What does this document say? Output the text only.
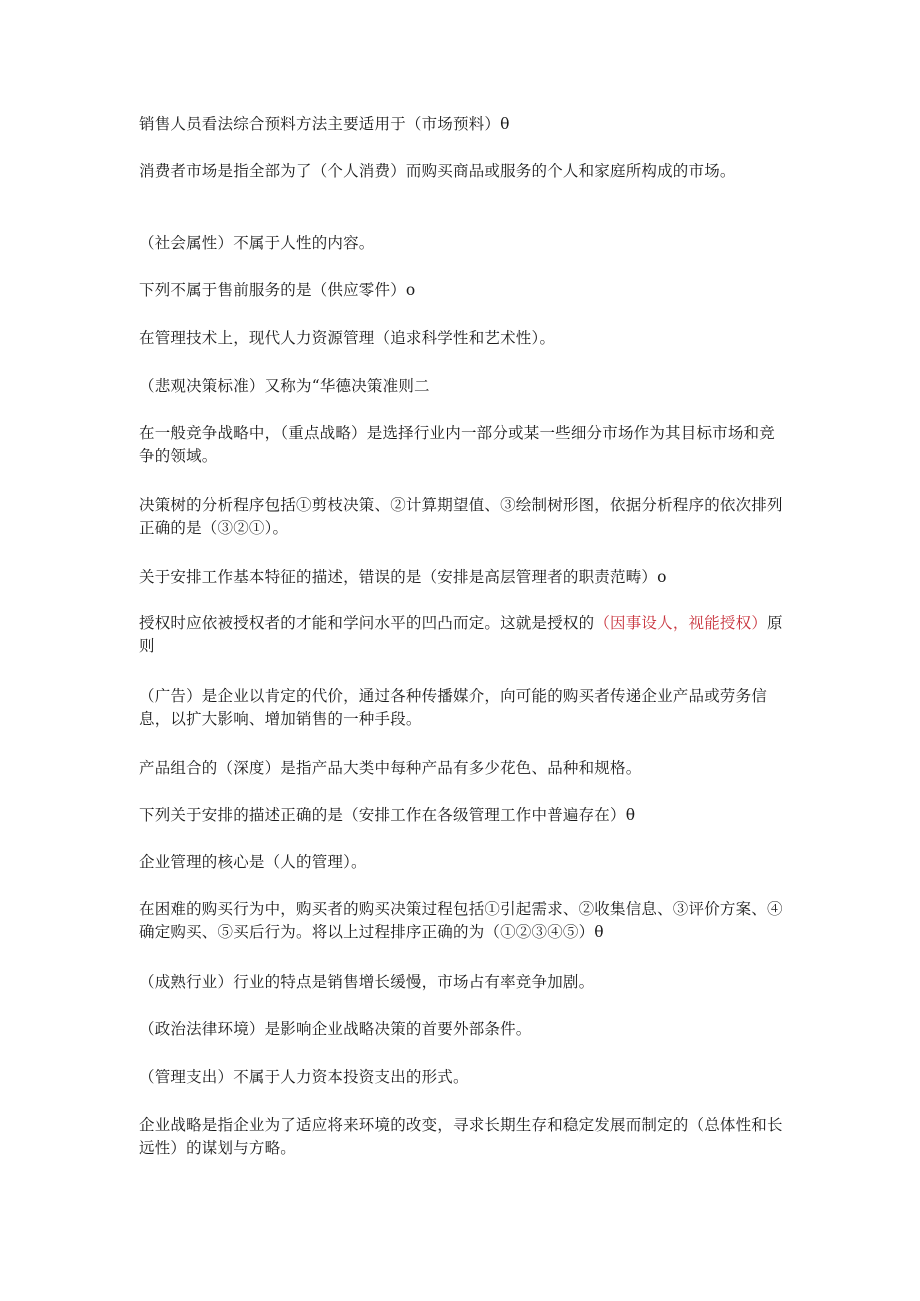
销售人员看法综合预料方法主要适用于（市场预料）θ

消费者市场是指全部为了（个人消费）而购买商品或服务的个人和家庭所构成的市场。

（社会属性）不属于人性的内容。

下列不属于售前服务的是（供应零件）o

在管理技术上，现代人力资源管理（追求科学性和艺术性）。

（悲观决策标准）又称为“华德决策准则二

在一般竞争战略中，（重点战略）是选择行业内一部分或某一些细分市场作为其目标市场和竞争的领域。

决策树的分析程序包括①剪枝决策、②计算期望值、③绘制树形图，依据分析程序的依次排列正确的是（③②①）。

关于安排工作基本特征的描述，错误的是（安排是高层管理者的职责范畴）o

授权时应依被授权者的才能和学问水平的凹凸而定。这就是授权的（因事设人，视能授权）原则

（广告）是企业以肯定的代价，通过各种传播媒介，向可能的购买者传递企业产品或劳务信息，以扩大影响、增加销售的一种手段。

产品组合的（深度）是指产品大类中每种产品有多少花色、品种和规格。

下列关于安排的描述正确的是（安排工作在各级管理工作中普遍存在）θ

企业管理的核心是（人的管理）。

在困难的购买行为中，购买者的购买决策过程包括①引起需求、②收集信息、③评价方案、④确定购买、⑤买后行为。将以上过程排序正确的为（①②③④⑤）θ

（成熟行业）行业的特点是销售增长缓慢，市场占有率竞争加剧。

（政治法律环境）是影响企业战略决策的首要外部条件。

（管理支出）不属于人力资本投资支出的形式。

企业战略是指企业为了适应将来环境的改变，寻求长期生存和稳定发展而制定的（总体性和长远性）的谋划与方略。
